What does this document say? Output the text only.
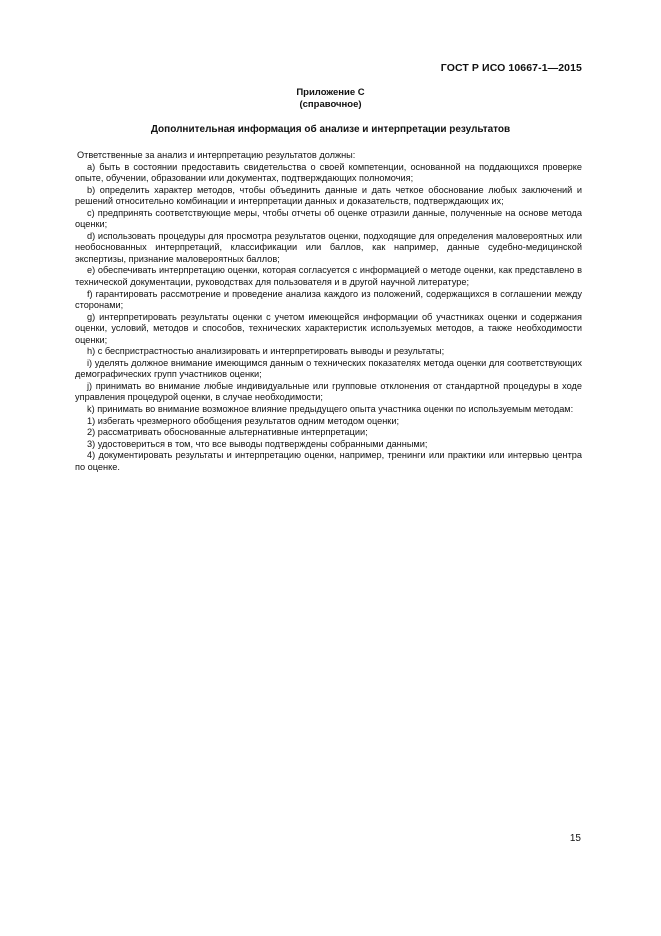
ГОСТ Р ИСО 10667-1—2015
Приложение С
(справочное)
Дополнительная информация об анализе и интерпретации результатов

Ответственные за анализ и интерпретацию результатов должны:

a) быть в состоянии предоставить свидетельства о своей компетенции, основанной на поддающихся проверке опыте, обучении, образовании или документах, подтверждающих полномочия;

b) определить характер методов, чтобы объединить данные и дать четкое обоснование любых заключений и решений относительно комбинации и интерпретации данных и доказательств, подтверждающих их;

c) предпринять соответствующие меры, чтобы отчеты об оценке отразили данные, полученные на основе метода оценки;

d) использовать процедуры для просмотра результатов оценки, подходящие для определения маловероятных или необоснованных интерпретаций, классификации или баллов, как например, данные судебно-медицинской экспертизы, признание маловероятных баллов;

e) обеспечивать интерпретацию оценки, которая согласуется с информацией о методе оценки, как представлено в технической документации, руководствах для пользователя и в другой научной литературе;

f) гарантировать рассмотрение и проведение анализа каждого из положений, содержащихся в соглашении между сторонами;

g) интерпретировать результаты оценки с учетом имеющейся информации об участниках оценки и содержания оценки, условий, методов и способов, технических характеристик используемых методов, а также необходимости оценки;

h) с беспристрастностью анализировать и интерпретировать выводы и результаты;

i) уделять должное внимание имеющимся данным о технических показателях метода оценки для соответствующих демографических групп участников оценки;

j) принимать во внимание любые индивидуальные или групповые отклонения от стандартной процедуры в ходе управления процедурой оценки, в случае необходимости;

k) принимать во внимание возможное влияние предыдущего опыта участника оценки по используемым методам:

1) избегать чрезмерного обобщения результатов одним методом оценки;

2) рассматривать обоснованные альтернативные интерпретации;

3) удостовериться в том, что все выводы подтверждены собранными данными;

4) документировать результаты и интерпретацию оценки, например, тренинги или практики или интервью центра по оценке.

15
